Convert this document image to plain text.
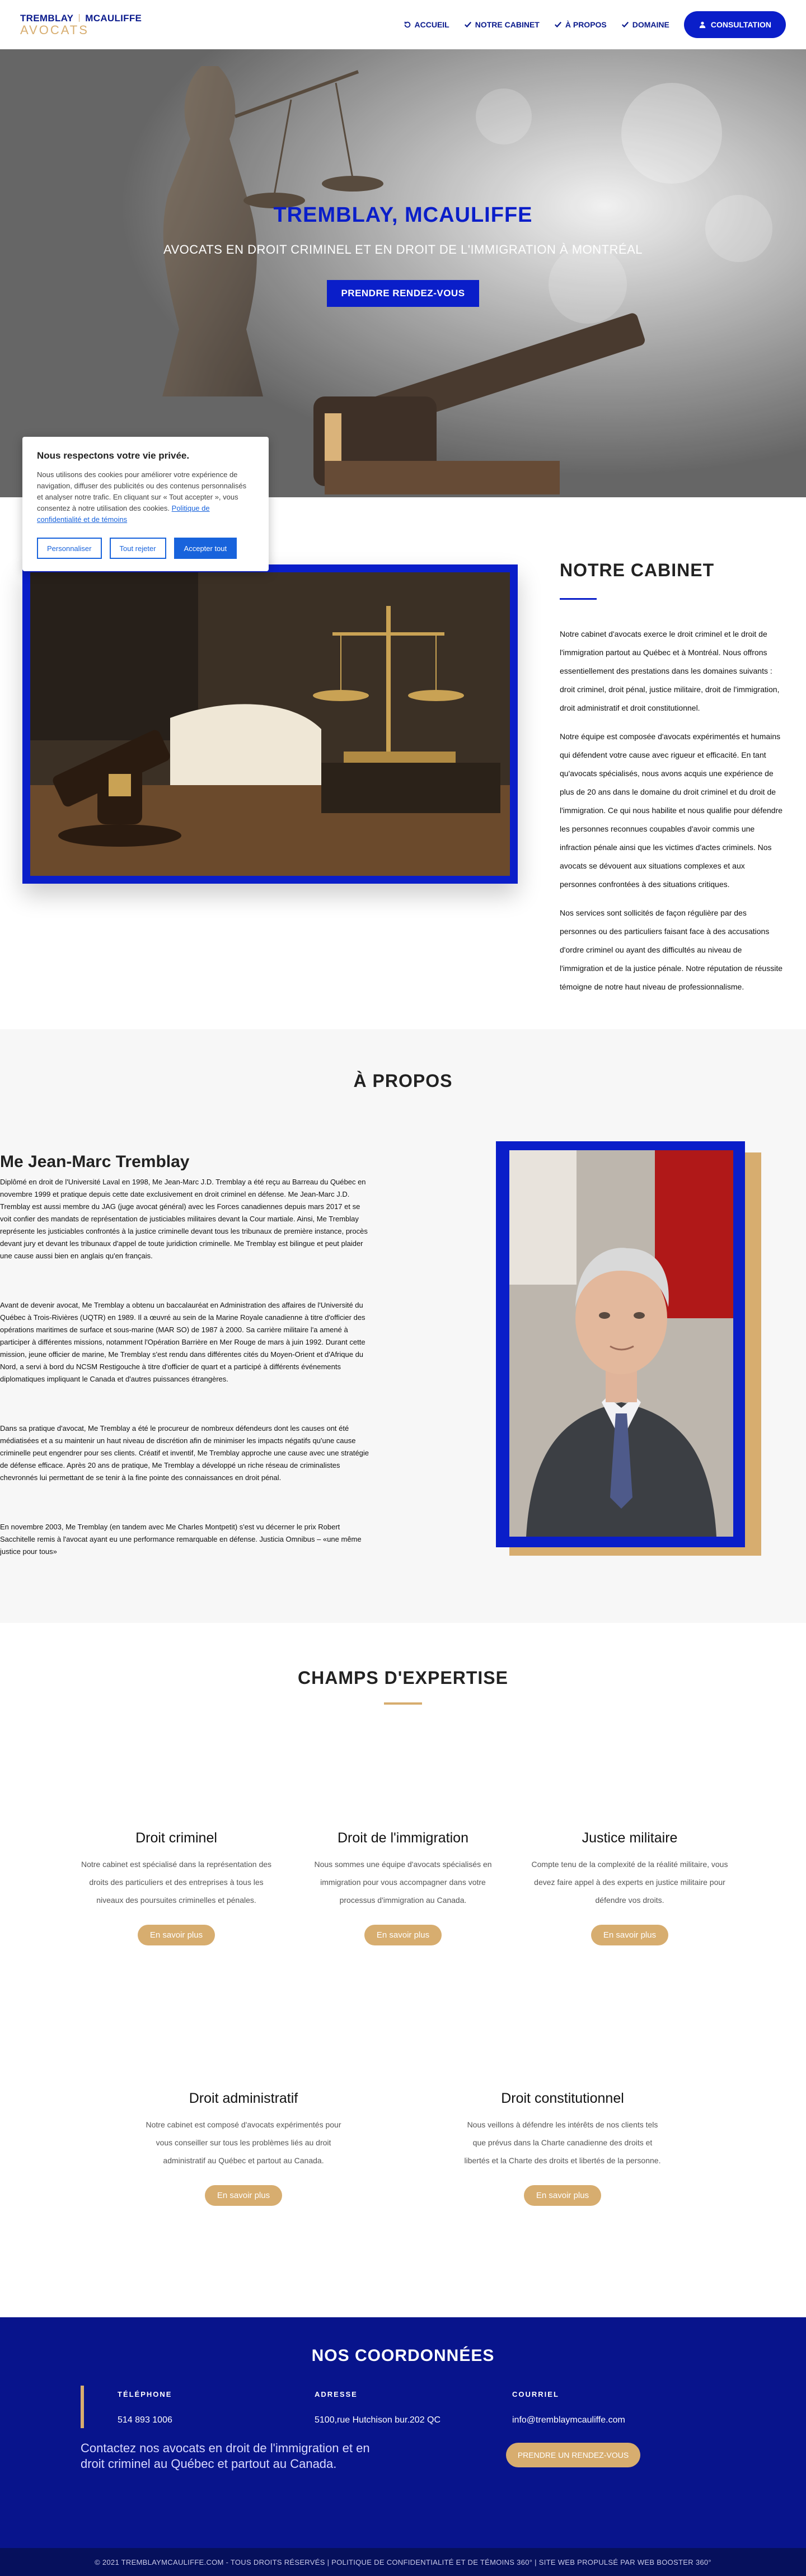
TREMBLAY MCAULIFFE
AVOCATS	ACCUEIL	NOTRE CABINET	À PROPOS	DOMAINE	CONSULTATION
TREMBLAY, MCAULIFFE
AVOCATS EN DROIT CRIMINEL ET EN DROIT DE L'IMMIGRATION À MONTRÉAL
PRENDRE RENDEZ-VOUS
Nous respectons votre vie privée.

Nous utilisons des cookies pour améliorer votre expérience de navigation, diffuser des publicités ou des contenus personnalisés et analyser notre trafic. En cliquant sur « Tout accepter », vous consentez à notre utilisation des cookies. Politique de confidentialité et de témoins

Personnaliser	Tout rejeter	Accepter tout
NOTRE CABINET

Notre cabinet d'avocats exerce le droit criminel et le droit de l'immigration partout au Québec et à Montréal. Nous offrons essentiellement des prestations dans les domaines suivants : droit criminel, droit pénal, justice militaire, droit de l'immigration, droit administratif et droit constitutionnel.

Notre équipe est composée d'avocats expérimentés et humains qui défendent votre cause avec rigueur et efficacité. En tant qu'avocats spécialisés, nous avons acquis une expérience de plus de 20 ans dans le domaine du droit criminel et du droit de l'immigration. Ce qui nous habilite et nous qualifie pour défendre les personnes reconnues coupables d'avoir commis une infraction pénale ainsi que les victimes d'actes criminels. Nos avocats se dévouent aux situations complexes et aux personnes confrontées à des situations critiques.

Nos services sont sollicités de façon régulière par des personnes ou des particuliers faisant face à des accusations d'ordre criminel ou ayant des difficultés au niveau de l'immigration et de la justice pénale. Notre réputation de réussite témoigne de notre haut niveau de professionnalisme.

À PROPOS
Me Jean-Marc Tremblay

Diplômé en droit de l'Université Laval en 1998, Me Jean-Marc J.D. Tremblay a été reçu au Barreau du Québec en novembre 1999 et pratique depuis cette date exclusivement en droit criminel en défense. Me Jean-Marc J.D. Tremblay est aussi membre du JAG (juge avocat général) avec les Forces canadiennes depuis mars 2017 et se voit confier des mandats de représentation de justiciables militaires devant la Cour martiale. Ainsi, Me Tremblay représente les justiciables confrontés à la justice criminelle devant tous les tribunaux de première instance, procès devant jury et devant les tribunaux d'appel de toute juridiction criminelle. Me Tremblay est bilingue et peut plaider une cause aussi bien en anglais qu'en français.

Avant de devenir avocat, Me Tremblay a obtenu un baccalauréat en Administration des affaires de l'Université du Québec à Trois-Rivières (UQTR) en 1989. Il a œuvré au sein de la Marine Royale canadienne à titre d'officier des opérations maritimes de surface et sous-marine (MAR SO) de 1987 à 2000. Sa carrière militaire l'a amené à participer à différentes missions, notamment l'Opération Barrière en Mer Rouge de mars à juin 1992. Durant cette mission, jeune officier de marine, Me Tremblay s'est rendu dans différentes cités du Moyen-Orient et d'Afrique du Nord, a servi à bord du NCSM Restigouche à titre d'officier de quart et a participé à différents événements diplomatiques impliquant le Canada et d'autres puissances étrangères.

Dans sa pratique d'avocat, Me Tremblay a été le procureur de nombreux défendeurs dont les causes ont été médiatisées et a su maintenir un haut niveau de discrétion afin de minimiser les impacts négatifs qu'une cause criminelle peut engendrer pour ses clients. Créatif et inventif, Me Tremblay approche une cause avec une stratégie de défense efficace. Après 20 ans de pratique, Me Tremblay a développé un riche réseau de criminalistes chevronnés lui permettant de se tenir à la fine pointe des connaissances en droit pénal.

En novembre 2003, Me Tremblay (en tandem avec Me Charles Montpetit) s'est vu décerner le prix Robert Sacchitelle remis à l'avocat ayant eu une performance remarquable en défense. Justicia Omnibus – «une même justice pour tous»

CHAMPS D'EXPERTISE
Droit criminel

Notre cabinet est spécialisé dans la représentation des droits des particuliers et des entreprises à tous les niveaux des poursuites criminelles et pénales.

En savoir plus
Droit de l'immigration

Nous sommes une équipe d'avocats spécialisés en immigration pour vous accompagner dans votre processus d'immigration au Canada.

En savoir plus
Justice militaire

Compte tenu de la complexité de la réalité militaire, vous devez faire appel à des experts en justice militaire pour défendre vos droits.

En savoir plus
Droit administratif

Notre cabinet est composé d'avocats expérimentés pour vous conseiller sur tous les problèmes liés au droit administratif au Québec et partout au Canada.

En savoir plus
Droit constitutionnel

Nous veillons à défendre les intérêts de nos clients tels que prévus dans la Charte canadienne des droits et libertés et la Charte des droits et libertés de la personne.

En savoir plus
NOS COORDONNÉES
TÉLÉPHONE
514 893 1006
ADRESSE
5100,rue Hutchison bur.202 QC
COURRIEL
info@tremblaymcauliffe.com
Contactez nos avocats en droit de l'immigration et en droit criminel au Québec et partout au Canada.
PRENDRE UN RENDEZ-VOUS
© 2021 TREMBLAYMCAULIFFE.COM - TOUS DROITS RÉSERVÉS | POLITIQUE DE CONFIDENTIALITÉ ET DE TÉMOINS 360° | SITE WEB PROPULSÉ PAR WEB BOOSTER 360°
